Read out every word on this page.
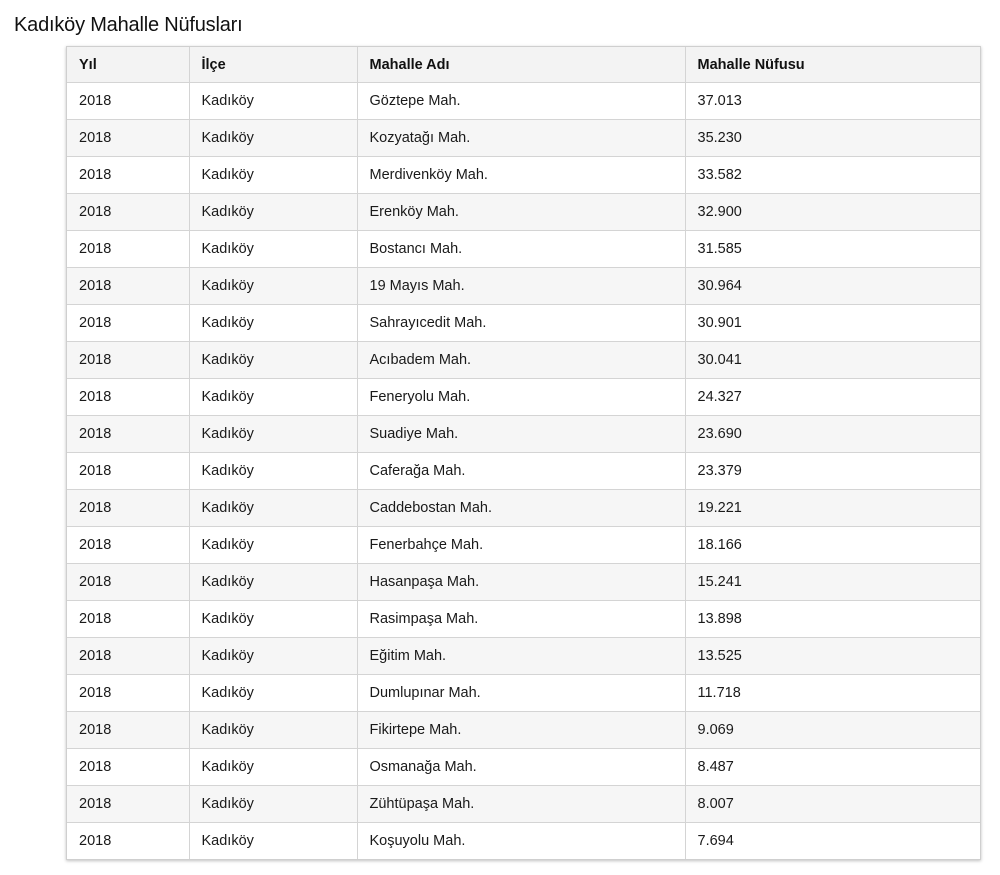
Kadıköy Mahalle Nüfusları
Yıl	İlçe	Mahalle Adı	Mahalle Nüfusu
2018	Kadıköy	Göztepe Mah.	37.013
2018	Kadıköy	Kozyatağı Mah.	35.230
2018	Kadıköy	Merdivenköy Mah.	33.582
2018	Kadıköy	Erenköy Mah.	32.900
2018	Kadıköy	Bostancı Mah.	31.585
2018	Kadıköy	19 Mayıs Mah.	30.964
2018	Kadıköy	Sahrayıcedit Mah.	30.901
2018	Kadıköy	Acıbadem Mah.	30.041
2018	Kadıköy	Feneryolu Mah.	24.327
2018	Kadıköy	Suadiye Mah.	23.690
2018	Kadıköy	Caferağa Mah.	23.379
2018	Kadıköy	Caddebostan Mah.	19.221
2018	Kadıköy	Fenerbahçe Mah.	18.166
2018	Kadıköy	Hasanpaşa Mah.	15.241
2018	Kadıköy	Rasimpaşa Mah.	13.898
2018	Kadıköy	Eğitim Mah.	13.525
2018	Kadıköy	Dumlupınar Mah.	11.718
2018	Kadıköy	Fikirtepe Mah.	9.069
2018	Kadıköy	Osmanağa Mah.	8.487
2018	Kadıköy	Zühtüpaşa Mah.	8.007
2018	Kadıköy	Koşuyolu Mah.	7.694
